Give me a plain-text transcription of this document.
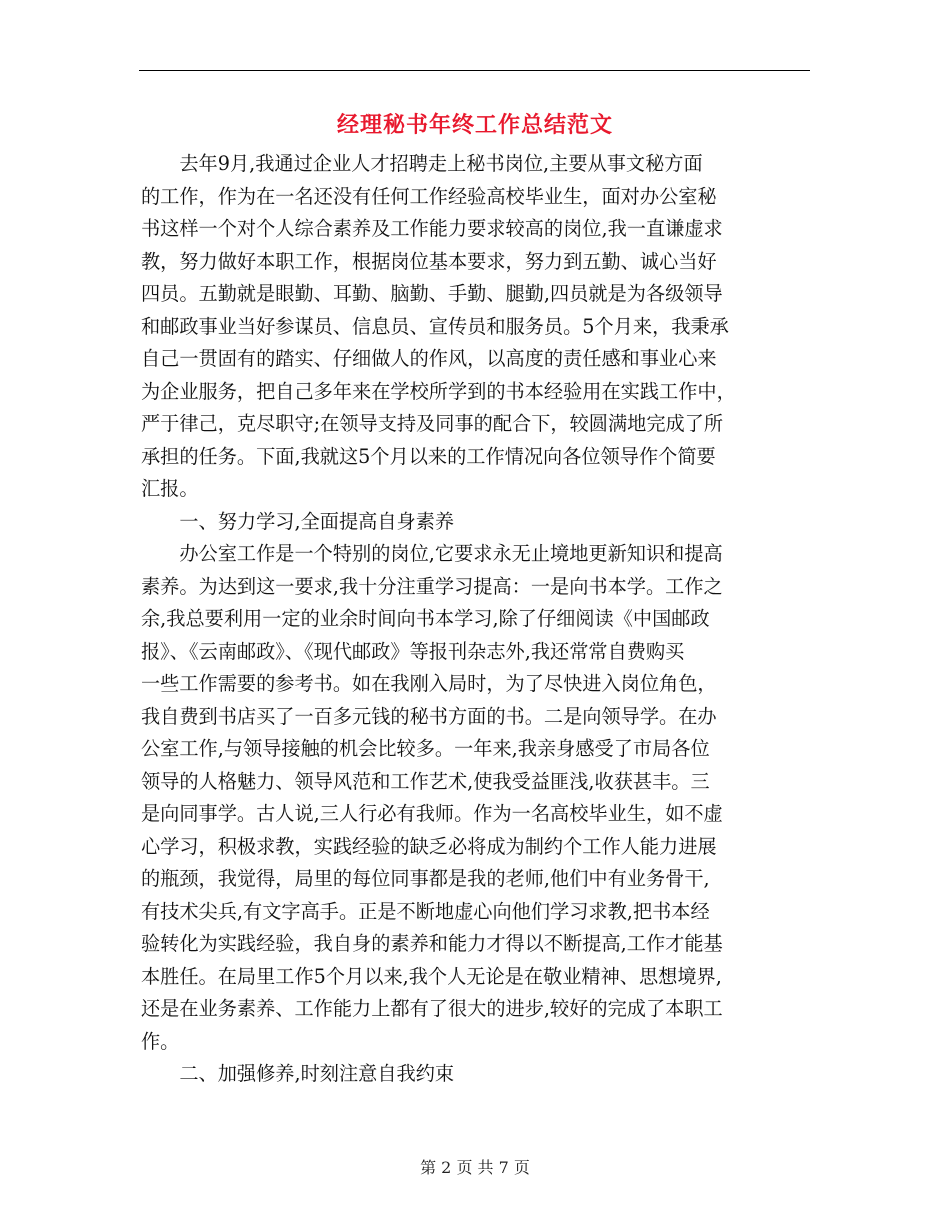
经理秘书年终工作总结范文
　　去年9月,我通过企业人才招聘走上秘书岗位,主要从事文秘方面
的工作，作为在一名还没有任何工作经验高校毕业生，面对办公室秘
书这样一个对个人综合素养及工作能力要求较高的岗位,我一直谦虚求
教，努力做好本职工作，根据岗位基本要求，努力到五勤、诚心当好
四员。五勤就是眼勤、耳勤、脑勤、手勤、腿勤,四员就是为各级领导
和邮政事业当好参谋员、信息员、宣传员和服务员。5个月来，我秉承
自己一贯固有的踏实、仔细做人的作风，以高度的责任感和事业心来
为企业服务，把自己多年来在学校所学到的书本经验用在实践工作中，
严于律己，克尽职守;在领导支持及同事的配合下，较圆满地完成了所
承担的任务。下面,我就这5个月以来的工作情况向各位领导作个简要
汇报。
　　一、努力学习,全面提高自身素养
　　办公室工作是一个特别的岗位,它要求永无止境地更新知识和提高
素养。为达到这一要求,我十分注重学习提高：一是向书本学。工作之
余,我总要利用一定的业余时间向书本学习,除了仔细阅读《中国邮政
报》、《云南邮政》、《现代邮政》等报刊杂志外,我还常常自费购买
一些工作需要的参考书。如在我刚入局时，为了尽快进入岗位角色，
我自费到书店买了一百多元钱的秘书方面的书。二是向领导学。在办
公室工作,与领导接触的机会比较多。一年来,我亲身感受了市局各位
领导的人格魅力、领导风范和工作艺术,使我受益匪浅,收获甚丰。三
是向同事学。古人说,三人行必有我师。作为一名高校毕业生，如不虚
心学习，积极求教，实践经验的缺乏必将成为制约个工作人能力进展
的瓶颈，我觉得，局里的每位同事都是我的老师,他们中有业务骨干,
有技术尖兵,有文字高手。正是不断地虚心向他们学习求教,把书本经
验转化为实践经验，我自身的素养和能力才得以不断提高,工作才能基
本胜任。在局里工作5个月以来,我个人无论是在敬业精神、思想境界,
还是在业务素养、工作能力上都有了很大的进步,较好的完成了本职工
作。
　　二、加强修养,时刻注意自我约束
第 2 页 共 7 页
